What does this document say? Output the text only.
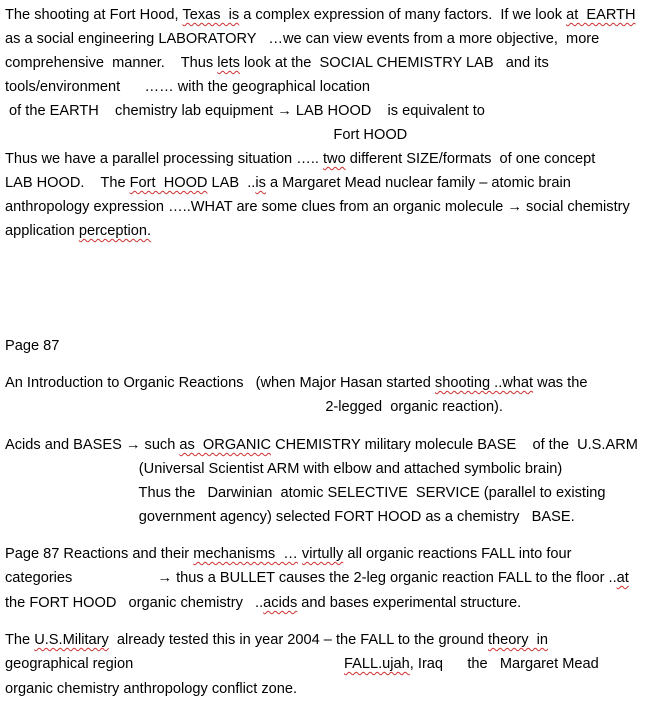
The shooting at Fort Hood, Texas  is a complex expression of many factors.  If we look at  EARTH
as a social engineering LABORATORY   …we can view events from a more objective,  more
comprehensive  manner.    Thus lets look at the  SOCIAL CHEMISTRY LAB   and its
tools/environment      …… with the geographical location
of the EARTH    chemistry lab equipment → LAB HOOD    is equivalent to
Fort HOOD
Thus we have a parallel processing situation ….. two different SIZE/formats  of one concept
LAB HOOD.    The Fort  HOOD LAB  ..is a Margaret Mead nuclear family – atomic brain
anthropology expression …..WHAT are some clues from an organic molecule → social chemistry
application perception.
Page 87
An Introduction to Organic Reactions   (when Major Hasan started shooting ..what was the
2-legged  organic reaction).
Acids and BASES → such as  ORGANIC CHEMISTRY military molecule BASE    of the  U.S.ARM
(Universal Scientist ARM with elbow and attached symbolic brain)
Thus the   Darwinian  atomic SELECTIVE  SERVICE (parallel to existing
government agency) selected FORT HOOD as a chemistry   BASE.
Page 87 Reactions and their mechanisms  … virtully all organic reactions FALL into four
categories                     → thus a BULLET causes the 2-leg organic reaction FALL to the floor ..at
the FORT HOOD   organic chemistry   ..acids and bases experimental structure.
The U.S.Military  already tested this in year 2004 – the FALL to the ground theory  in
geographical region                                                    FALL.ujah, Iraq      the   Margaret Mead
organic chemistry anthropology conflict zone.
